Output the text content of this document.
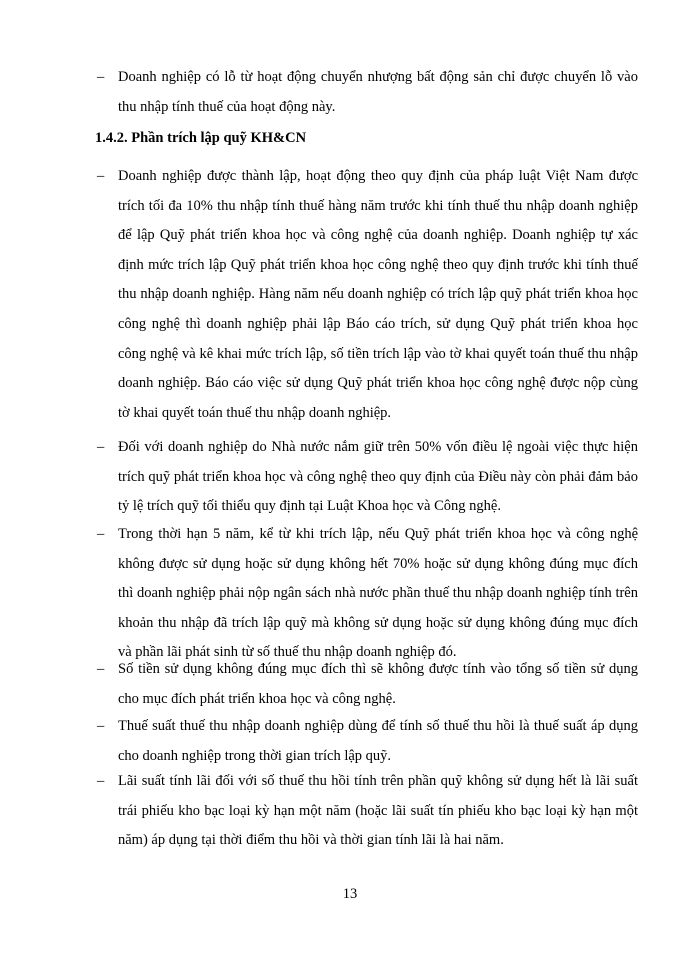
– Doanh nghiệp có lỗ từ hoạt động chuyển nhượng bất động sản chỉ được chuyển lỗ vào thu nhập tính thuế của hoạt động này.
1.4.2. Phần trích lập quỹ KH&CN
– Doanh nghiệp được thành lập, hoạt động theo quy định của pháp luật Việt Nam được trích tối đa 10% thu nhập tính thuế hàng năm trước khi tính thuế thu nhập doanh nghiệp để lập Quỹ phát triển khoa học và công nghệ của doanh nghiệp. Doanh nghiệp tự xác định mức trích lập Quỹ phát triển khoa học công nghệ theo quy định trước khi tính thuế thu nhập doanh nghiệp. Hàng năm nếu doanh nghiệp có trích lập quỹ phát triển khoa học công nghệ thì doanh nghiệp phải lập Báo cáo trích, sử dụng Quỹ phát triển khoa học công nghệ và kê khai mức trích lập, số tiền trích lập vào tờ khai quyết toán thuế thu nhập doanh nghiệp. Báo cáo việc sử dụng Quỹ phát triển khoa học công nghệ được nộp cùng tờ khai quyết toán thuế thu nhập doanh nghiệp.
– Đối với doanh nghiệp do Nhà nước nắm giữ trên 50% vốn điều lệ ngoài việc thực hiện trích quỹ phát triển khoa học và công nghệ theo quy định của Điều này còn phải đảm bảo tỷ lệ trích quỹ tối thiểu quy định tại Luật Khoa học và Công nghệ.
– Trong thời hạn 5 năm, kể từ khi trích lập, nếu Quỹ phát triển khoa học và công nghệ không được sử dụng hoặc sử dụng không hết 70% hoặc sử dụng không đúng mục đích thì doanh nghiệp phải nộp ngân sách nhà nước phần thuế thu nhập doanh nghiệp tính trên khoản thu nhập đã trích lập quỹ mà không sử dụng hoặc sử dụng không đúng mục đích và phần lãi phát sinh từ số thuế thu nhập doanh nghiệp đó.
– Số tiền sử dụng không đúng mục đích thì sẽ không được tính vào tổng số tiền sử dụng cho mục đích phát triển khoa học và công nghệ.
– Thuế suất thuế thu nhập doanh nghiệp dùng để tính số thuế thu hồi là thuế suất áp dụng cho doanh nghiệp trong thời gian trích lập quỹ.
– Lãi suất tính lãi đối với số thuế thu hồi tính trên phần quỹ không sử dụng hết là lãi suất trái phiếu kho bạc loại kỳ hạn một năm (hoặc lãi suất tín phiếu kho bạc loại kỳ hạn một năm) áp dụng tại thời điểm thu hồi và thời gian tính lãi là hai năm.
13
